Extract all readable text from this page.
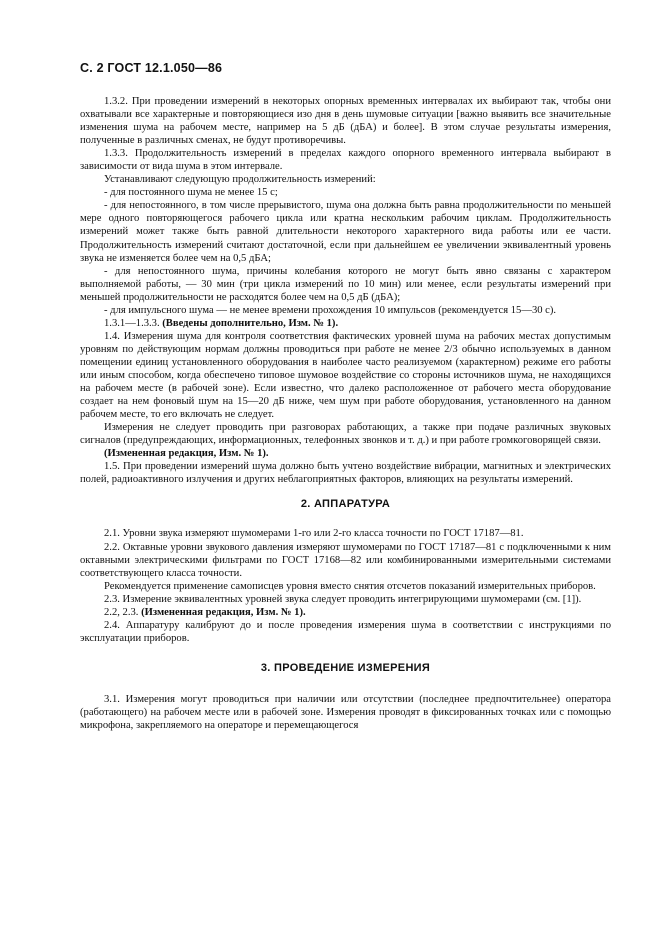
С. 2 ГОСТ 12.1.050—86

1.3.2. При проведении измерений в некоторых опорных временных интервалах их выбирают так, чтобы они охватывали все характерные и повторяющиеся изо дня в день шумовые ситуации [важно выявить все значительные изменения шума на рабочем месте, например на 5 дБ (дБА) и более]. В этом случае результаты измерения, полученные в различных сменах, не будут противоречивы.

1.3.3. Продолжительность измерений в пределах каждого опорного временного интервала выбирают в зависимости от вида шума в этом интервале.

Устанавливают следующую продолжительность измерений:

- для постоянного шума не менее 15 с;

- для непостоянного, в том числе прерывистого, шума она должна быть равна продолжительности по меньшей мере одного повторяющегося рабочего цикла или кратна нескольким рабочим циклам. Продолжительность измерений может также быть равной длительности некоторого характерного вида работы или ее части. Продолжительность измерений считают достаточной, если при дальнейшем ее увеличении эквивалентный уровень звука не изменяется более чем на 0,5 дБА;

- для непостоянного шума, причины колебания которого не могут быть явно связаны с характером выполняемой работы, — 30 мин (три цикла измерений по 10 мин) или менее, если результаты измерений при меньшей продолжительности не расходятся более чем на 0,5 дБ (дБА);

- для импульсного шума — не менее времени прохождения 10 импульсов (рекомендуется 15—30 с).

1.3.1—1.3.3. (Введены дополнительно, Изм. № 1).

1.4. Измерения шума для контроля соответствия фактических уровней шума на рабочих местах допустимым уровням по действующим нормам должны проводиться при работе не менее 2/3 обычно используемых в данном помещении единиц установленного оборудования в наиболее часто реализуемом (характерном) режиме его работы или иным способом, когда обеспечено типовое шумовое воздействие со стороны источников шума, не находящихся на рабочем месте (в рабочей зоне). Если известно, что далеко расположенное от рабочего места оборудование создает на нем фоновый шум на 15—20 дБ ниже, чем шум при работе оборудования, установленного на данном рабочем месте, то его включать не следует.

Измерения не следует проводить при разговорах работающих, а также при подаче различных звуковых сигналов (предупреждающих, информационных, телефонных звонков и т. д.) и при работе громкоговорящей связи.

(Измененная редакция, Изм. № 1).

1.5. При проведении измерений шума должно быть учтено воздействие вибрации, магнитных и электрических полей, радиоактивного излучения и других неблагоприятных факторов, влияющих на результаты измерений.

2. АППАРАТУРА

2.1. Уровни звука измеряют шумомерами 1-го или 2-го класса точности по ГОСТ 17187—81.

2.2. Октавные уровни звукового давления измеряют шумомерами по ГОСТ 17187—81 с подключенными к ним октавными электрическими фильтрами по ГОСТ 17168—82 или комбинированными измерительными системами соответствующего класса точности.

Рекомендуется применение самописцев уровня вместо снятия отсчетов показаний измерительных приборов.

2.3. Измерение эквивалентных уровней звука следует проводить интегрирующими шумомерами (см. [1]).

2.2, 2.3. (Измененная редакция, Изм. № 1).

2.4. Аппаратуру калибруют до и после проведения измерения шума в соответствии с инструкциями по эксплуатации приборов.

3. ПРОВЕДЕНИЕ ИЗМЕРЕНИЯ

3.1. Измерения могут проводиться при наличии или отсутствии (последнее предпочтительнее) оператора (работающего) на рабочем месте или в рабочей зоне. Измерения проводят в фиксированных точках или с помощью микрофона, закрепляемого на операторе и перемещающегося
